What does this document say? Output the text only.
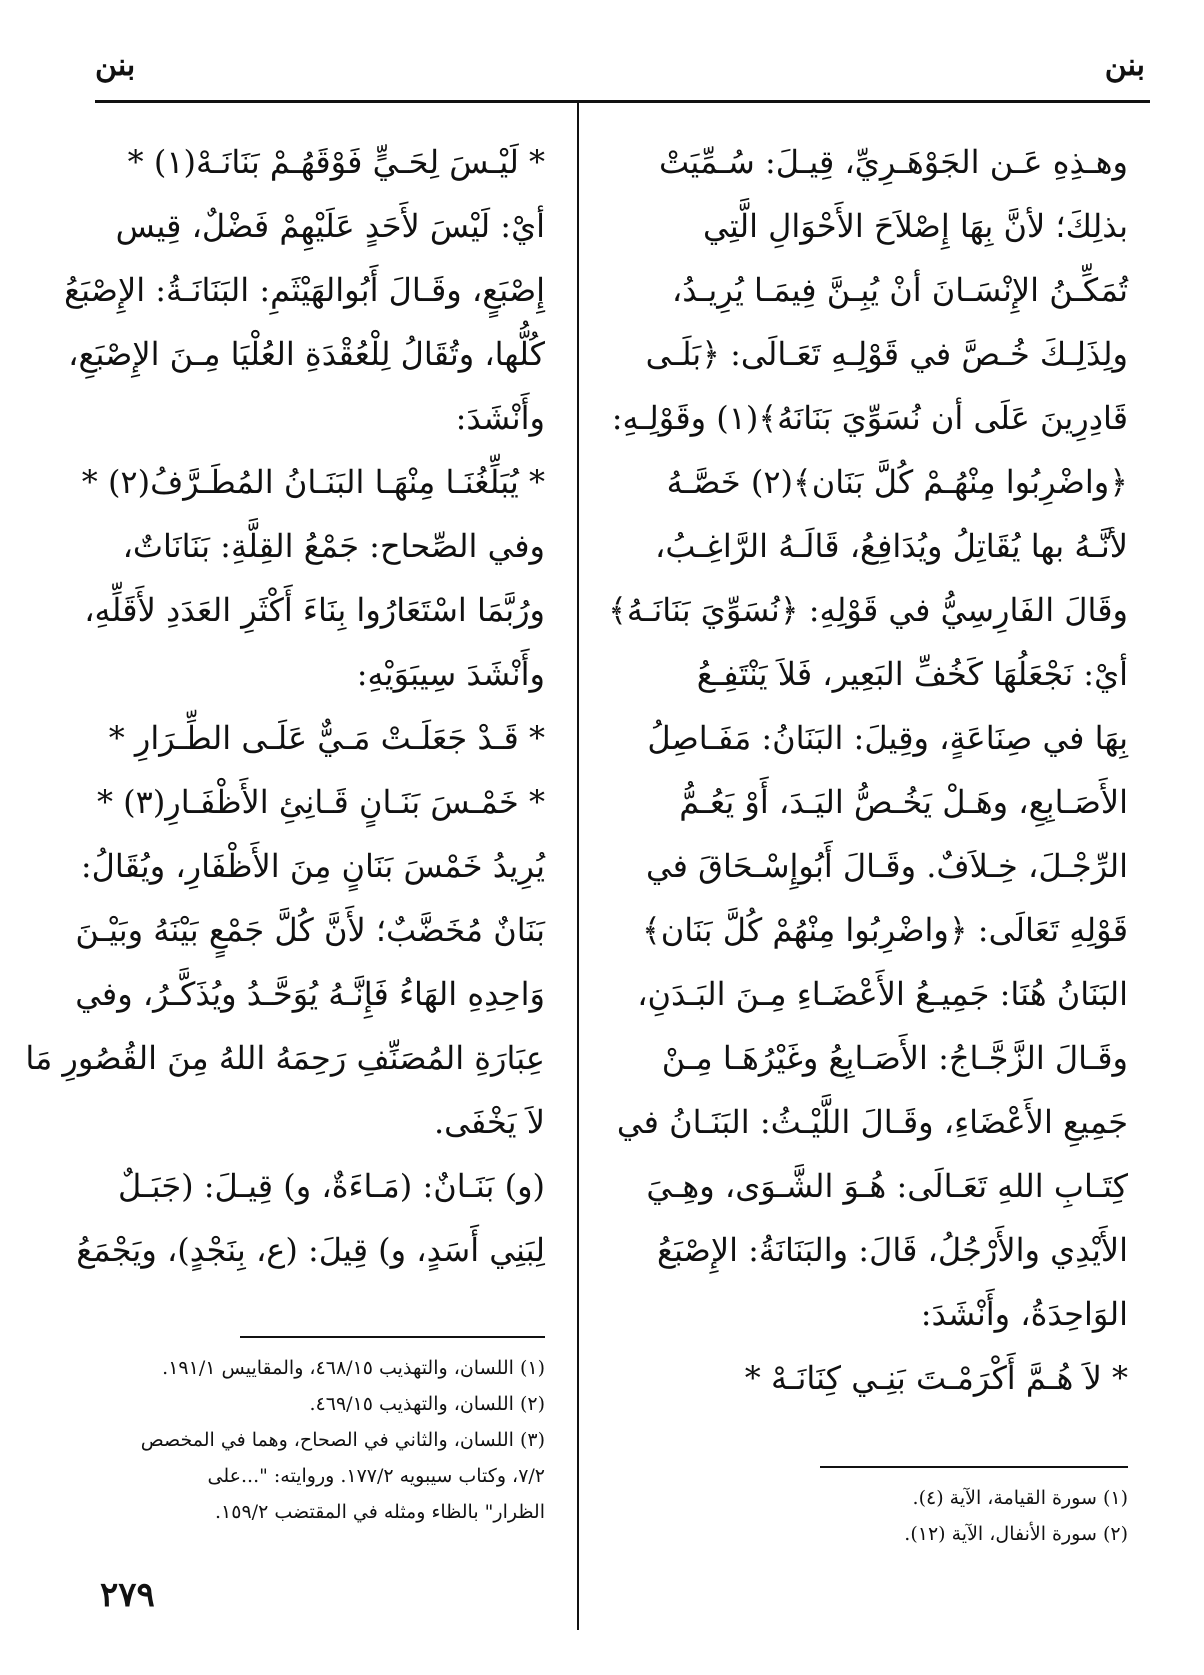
بنن
بنن
وهـذِهِ عَـن الجَوْهَـرِيِّ، قِيـلَ: سُـمِّيَتْ
بذلِكَ؛ لأنَّ بِهَا إِصْلاَحَ الأَحْوَالِ الَّتِي
تُمَكِّـنُ الإِنْسَـانَ أنْ يُبِـنَّ فِيمَـا يُرِيـدُ،
ولِذَلِـكَ خُـصَّ في قَوْلِـهِ تَعَـالَى: ﴿بَلَـى
قَادِرِينَ عَلَى أن نُسَوِّيَ بَنَانَهُ﴾(١) وقَوْلِـهِ:
﴿واضْرِبُوا مِنْهُـمْ كُلَّ بَنَان﴾(٢) خَصَّـهُ
لأنَّـهُ بها يُقَاتِلُ ويُدَافِعُ، قَالَـهُ الرَّاغِـبُ،
وقَالَ الفَارِسِيُّ في قَوْلِهِ: ﴿نُسَوِّيَ بَنَانَـهُ﴾
أيْ: نَجْعَلُهَا كَخُفِّ البَعِير، فَلاَ يَنْتَفِـعُ
بِهَا في صِنَاعَةٍ، وقِيلَ: البَنَانُ: مَفَـاصِلُ
الأَصَـابِعِ، وهَـلْ يَخُـصُّ اليَـدَ، أَوْ يَعُـمُّ
الرِّجْـلَ، خِـلاَفٌ. وقَـالَ أَبُوإِسْـحَاقَ في
قَوْلِهِ تَعَالَى: ﴿واضْرِبُوا مِنْهُمْ كُلَّ بَنَان﴾
البَنَانُ هُنَا: جَمِيـعُ الأَعْضَـاءِ مِـنَ البَـدَنِ،
وقَـالَ الزَّجَّـاجُ: الأَصَـابِعُ وغَيْرُهَـا مِـنْ
جَمِيعِ الأَعْضَاءِ، وقَـالَ اللَّيْـثُ: البَنَـانُ في
كِتَـابِ اللهِ تَعَـالَى: هُـوَ الشَّـوَى، وهِـيَ
الأَيْدِي والأَرْجُلُ، قَالَ: والبَنَانَةُ: الإِصْبَعُ
الوَاحِدَةُ، وأَنْشَدَ:
* لاَ هُـمَّ أَكْرَمْـتَ بَنِـي كِنَانَـهْ *
* لَيْـسَ لِحَـيٍّ فَوْقَهُـمْ بَنَانَـهْ(١) *
أيْ: لَيْسَ لأَحَدٍ عَلَيْهِمْ فَضْلٌ، قِيس
إِصْبَعٍ، وقَـالَ أَبُوالهَيْثَمِ: البَنَانَـةُ: الإِصْبَعُ
كُلُّها، وتُقَالُ لِلْعُقْدَةِ العُلْيَا مِـنَ الإِصْبَعِ،
وأَنْشَدَ:
* يُبَلِّغُنَـا مِنْهَـا البَنَـانُ المُطَـرَّفُ(٢) *
وفي الصِّحاح: جَمْعُ القِلَّةِ: بَنَانَاتٌ،
ورُبَّمَا اسْتَعَارُوا بِنَاءَ أَكْثَرِ العَدَدِ لأَقَلِّهِ،
وأَنْشَدَ سِيبَوَيْهِ:
* قَـدْ جَعَلَـتْ مَـيٌّ عَلَـى الطِّـرَارِ *
* خَمْـسَ بَنَـانٍ قَـانِئِ الأَظْفَـارِ(٣) *
يُرِيدُ خَمْسَ بَنَانٍ مِنَ الأَظْفَارِ، ويُقَالُ:
بَنَانٌ مُخَضَّبٌ؛ لأَنَّ كُلَّ جَمْعٍ بَيْنَهُ وبَيْـنَ
وَاحِدِهِ الهَاءُ فَإِنَّـهُ يُوَحَّـدُ ويُذَكَّـرُ، وفي
عِبَارَةِ المُصَنِّفِ رَحِمَهُ اللهُ مِنَ القُصُورِ مَا
لاَ يَخْفَى.
(و) بَنَـانٌ: (مَـاءَةٌ، و) قِيـلَ: (جَبَـلٌ
لِبَنِي أَسَدٍ، و) قِيلَ: (ع، بِنَجْدٍ)، ويَجْمَعُ
(١) سورة القيامة، الآية (٤).
(٢) سورة الأنفال، الآية (١٢).
(١) اللسان، والتهذيب ٤٦٨/١٥، والمقاييس ١٩١/١.
(٢) اللسان، والتهذيب ٤٦٩/١٥.
(٣) اللسان، والثاني في الصحاح، وهما في المخصص
٧/٢، وكتاب سيبويه ١٧٧/٢. وروايته: "...على
الظرار" بالظاء ومثله في المقتضب ١٥٩/٢.
٢٧٩
